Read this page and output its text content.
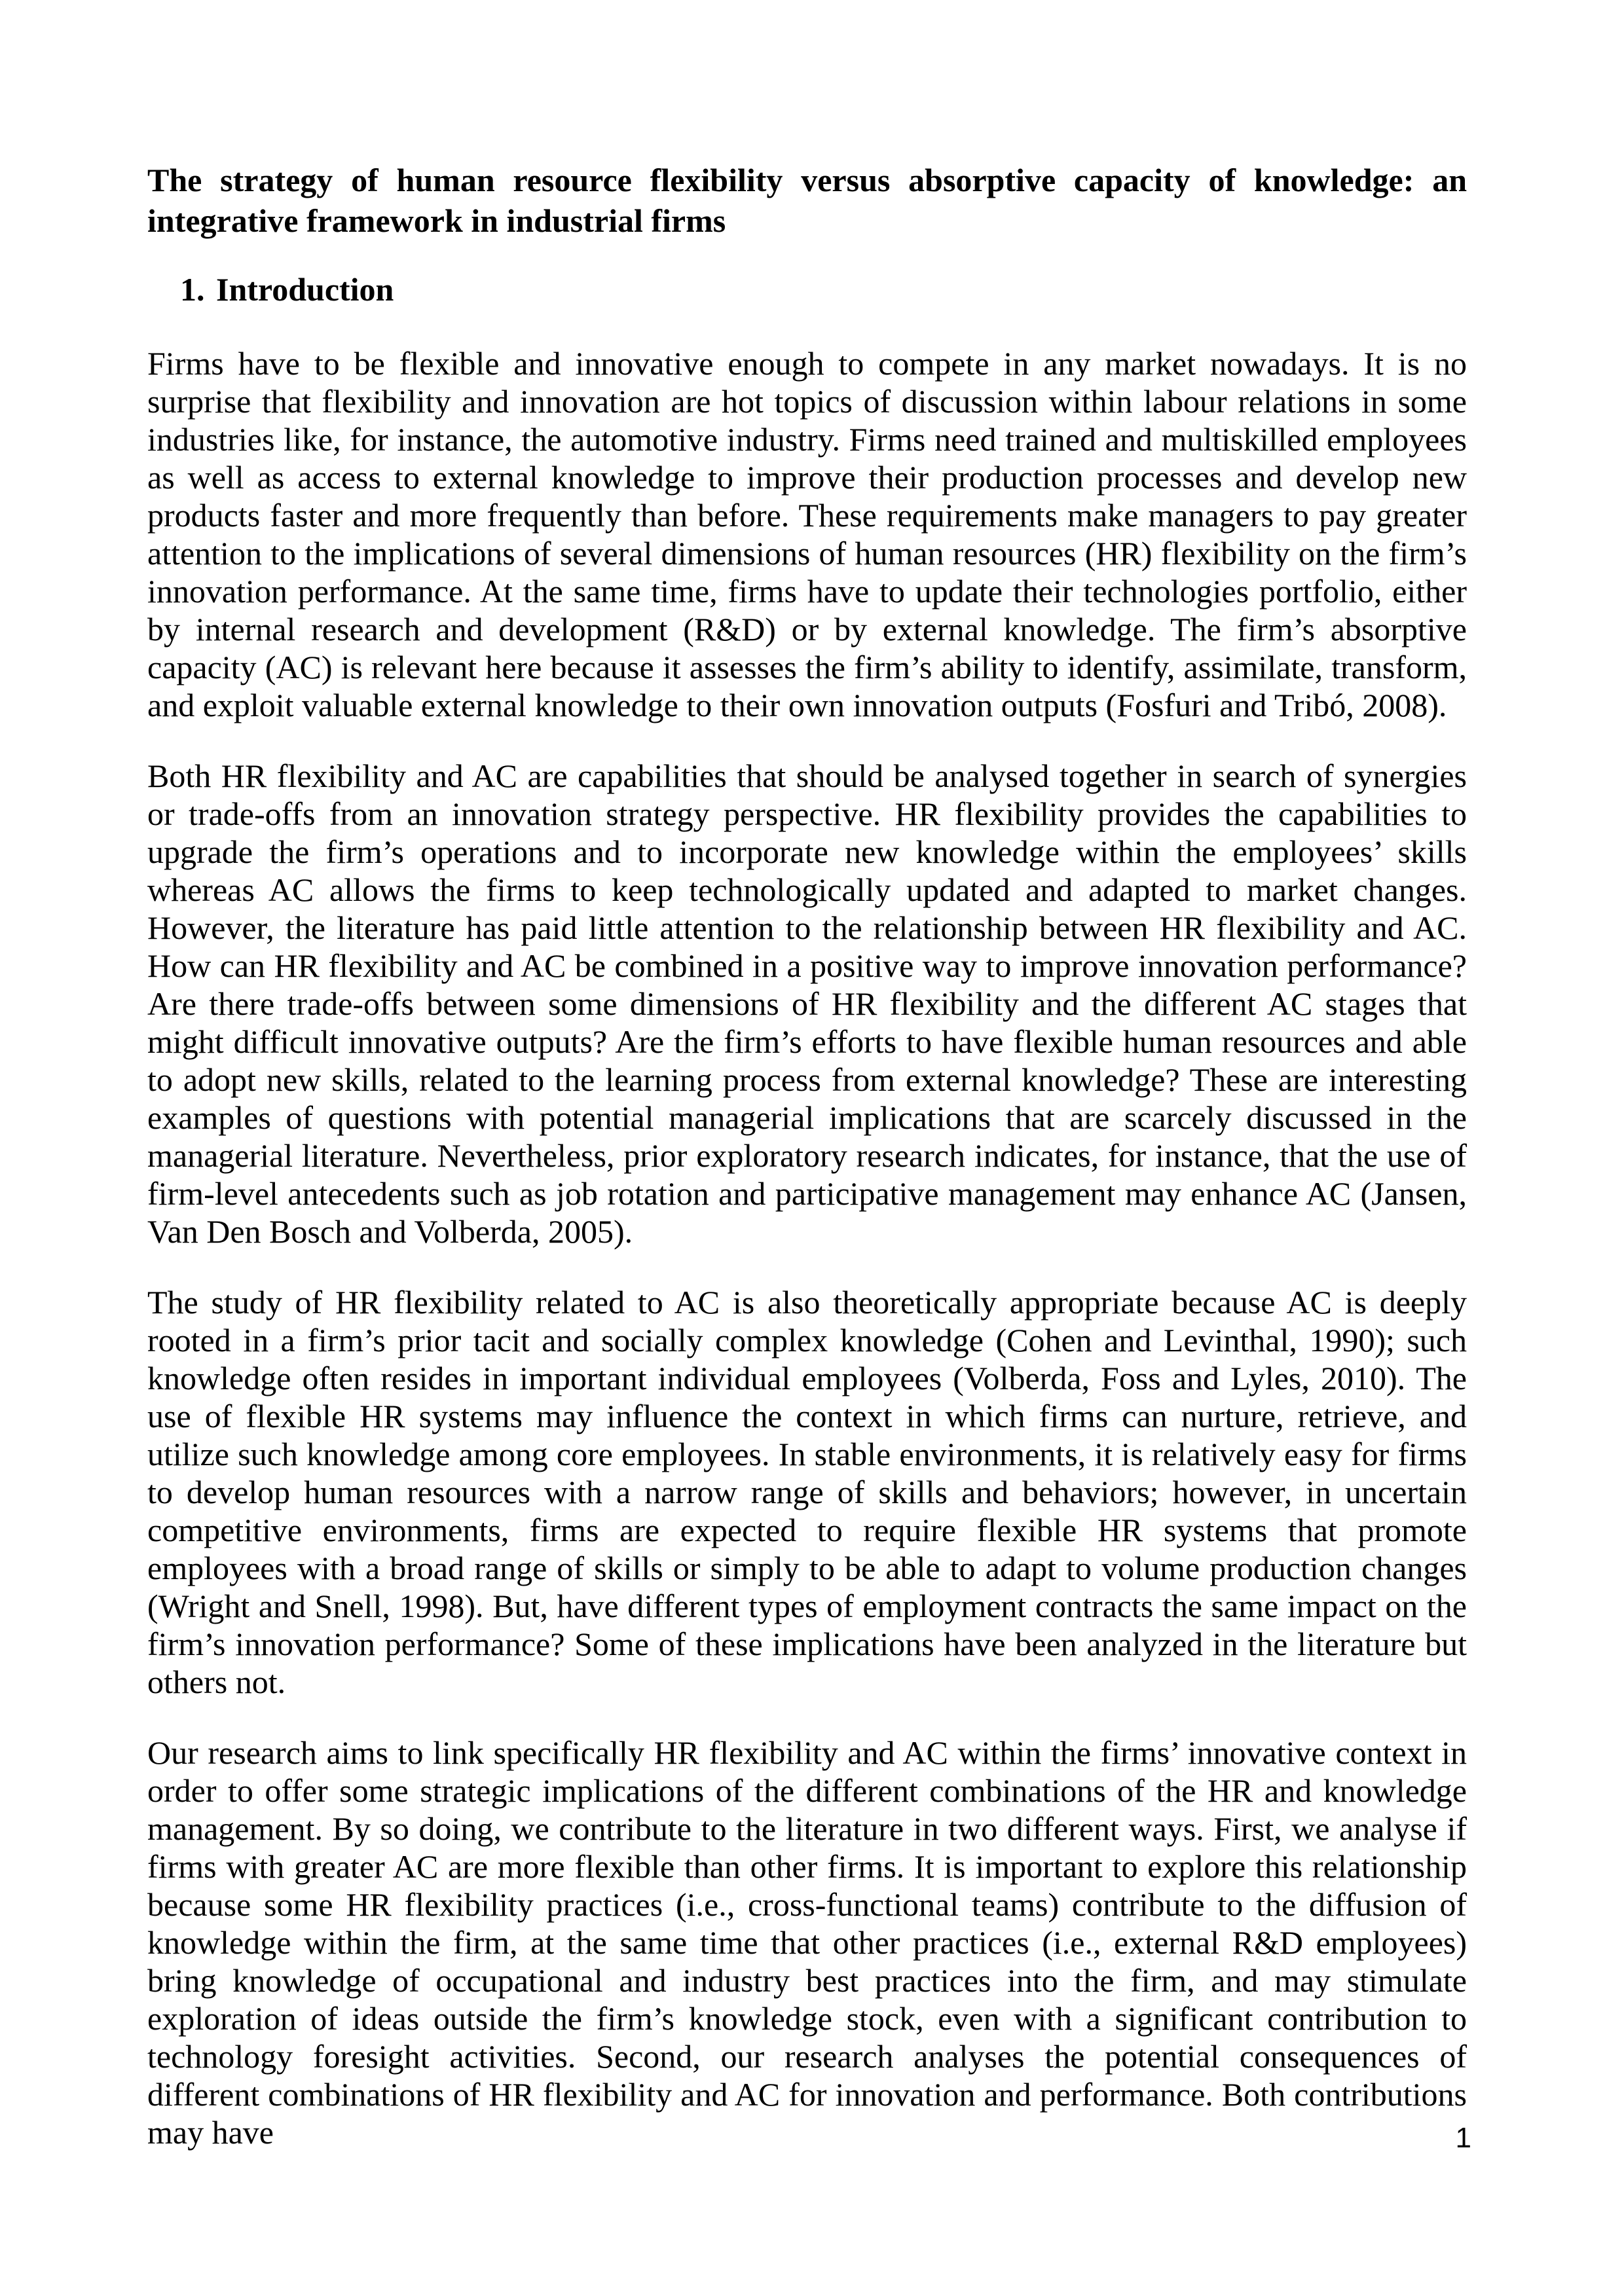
The strategy of human resource flexibility versus absorptive capacity of knowledge: an integrative framework in industrial firms
1. Introduction

Firms have to be flexible and innovative enough to compete in any market nowadays. It is no surprise that flexibility and innovation are hot topics of discussion within labour relations in some industries like, for instance, the automotive industry. Firms need trained and multiskilled employees as well as access to external knowledge to improve their production processes and develop new products faster and more frequently than before. These requirements make managers to pay greater attention to the implications of several dimensions of human resources (HR) flexibility on the firm’s innovation performance. At the same time, firms have to update their technologies portfolio, either by internal research and development (R&D) or by external knowledge. The firm’s absorptive capacity (AC) is relevant here because it assesses the firm’s ability to identify, assimilate, transform, and exploit valuable external knowledge to their own innovation outputs (Fosfuri and Tribó, 2008).

Both HR flexibility and AC are capabilities that should be analysed together in search of synergies or trade-offs from an innovation strategy perspective. HR flexibility provides the capabilities to upgrade the firm’s operations and to incorporate new knowledge within the employees’ skills whereas AC allows the firms to keep technologically updated and adapted to market changes. However, the literature has paid little attention to the relationship between HR flexibility and AC. How can HR flexibility and AC be combined in a positive way to improve innovation performance? Are there trade-offs between some dimensions of HR flexibility and the different AC stages that might difficult innovative outputs? Are the firm’s efforts to have flexible human resources and able to adopt new skills, related to the learning process from external knowledge? These are interesting examples of questions with potential managerial implications that are scarcely discussed in the managerial literature. Nevertheless, prior exploratory research indicates, for instance, that the use of firm-level antecedents such as job rotation and participative management may enhance AC (Jansen, Van Den Bosch and Volberda, 2005).

The study of HR flexibility related to AC is also theoretically appropriate because AC is deeply rooted in a firm’s prior tacit and socially complex knowledge (Cohen and Levinthal, 1990); such knowledge often resides in important individual employees (Volberda, Foss and Lyles, 2010). The use of flexible HR systems may influence the context in which firms can nurture, retrieve, and utilize such knowledge among core employees. In stable environments, it is relatively easy for firms to develop human resources with a narrow range of skills and behaviors; however, in uncertain competitive environments, firms are expected to require flexible HR systems that promote employees with a broad range of skills or simply to be able to adapt to volume production changes (Wright and Snell, 1998). But, have different types of employment contracts the same impact on the firm’s innovation performance? Some of these implications have been analyzed in the literature but others not.

Our research aims to link specifically HR flexibility and AC within the firms’ innovative context in order to offer some strategic implications of the different combinations of the HR and knowledge management. By so doing, we contribute to the literature in two different ways. First, we analyse if firms with greater AC are more flexible than other firms. It is important to explore this relationship because some HR flexibility practices (i.e., cross-functional teams) contribute to the diffusion of knowledge within the firm, at the same time that other practices (i.e., external R&D employees) bring knowledge of occupational and industry best practices into the firm, and may stimulate exploration of ideas outside the firm’s knowledge stock, even with a significant contribution to technology foresight activities. Second, our research analyses the potential consequences of different combinations of HR flexibility and AC for innovation and performance. Both contributions may have	1
